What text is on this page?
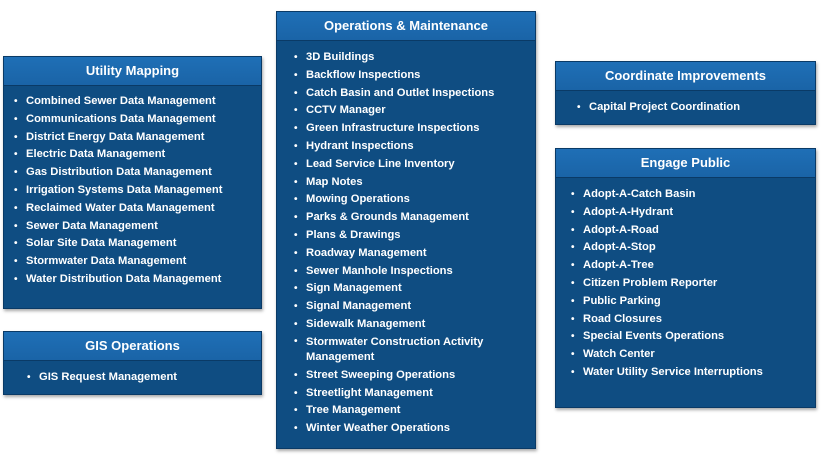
Utility Mapping
• Combined Sewer Data Management
• Communications Data Management
• District Energy Data Management
• Electric Data Management
• Gas Distribution Data Management
• Irrigation Systems Data Management
• Reclaimed Water Data Management
• Sewer Data Management
• Solar Site Data Management
• Stormwater Data Management
• Water Distribution Data Management
GIS Operations
• GIS Request Management
Operations & Maintenance
• 3D Buildings
• Backflow Inspections
• Catch Basin and Outlet Inspections
• CCTV Manager
• Green Infrastructure Inspections
• Hydrant Inspections
• Lead Service Line Inventory
• Map Notes
• Mowing Operations
• Parks & Grounds Management
• Plans & Drawings
• Roadway Management
• Sewer Manhole Inspections
• Sign Management
• Signal Management
• Sidewalk Management
• Stormwater Construction Activity Management
• Street Sweeping Operations
• Streetlight Management
• Tree Management
• Winter Weather Operations
Coordinate Improvements
• Capital Project Coordination
Engage Public
• Adopt-A-Catch Basin
• Adopt-A-Hydrant
• Adopt-A-Road
• Adopt-A-Stop
• Adopt-A-Tree
• Citizen Problem Reporter
• Public Parking
• Road Closures
• Special Events Operations
• Watch Center
• Water Utility Service Interruptions
